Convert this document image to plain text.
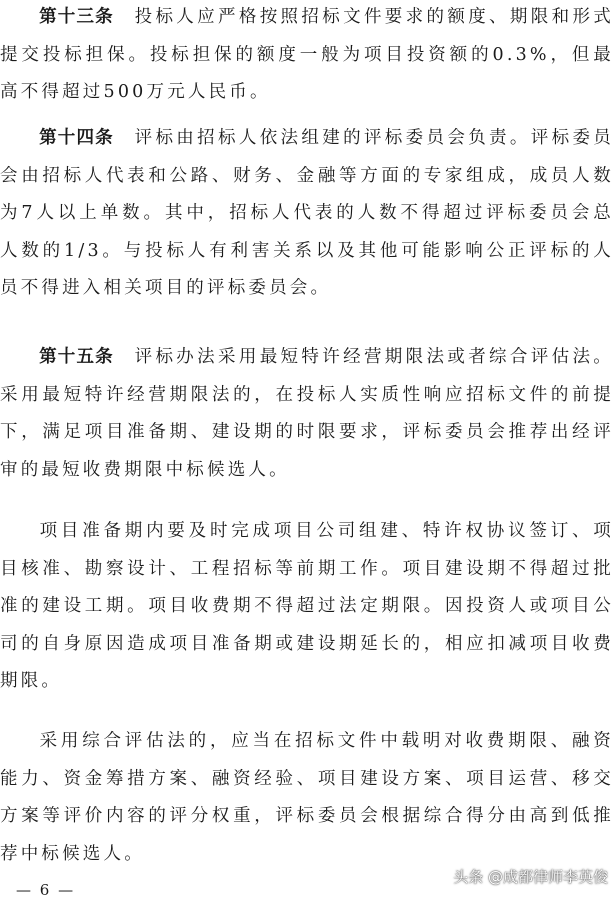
第十三条　 投标人应严格按照招标文件要求的额度、期限和形式提交投标担保。投标担保的额度一般为项目投资额的0.3%，但最高不得超过500万元人民币。

第十四条　 评标由招标人依法组建的评标委员会负责。评标委员会由招标人代表和公路、财务、金融等方面的专家组成，成员人数为7人以上单数。其中，招标人代表的人数不得超过评标委员会总人数的1/3。与投标人有利害关系以及其他可能影响公正评标的人员不得进入相关项目的评标委员会。

第十五条　 评标办法采用最短特许经营期限法或者综合评估法。采用最短特许经营期限法的，在投标人实质性响应招标文件的前提下，满足项目准备期、建设期的时限要求，评标委员会推荐出经评审的最短收费期限中标候选人。

项目准备期内要及时完成项目公司组建、特许权协议签订、项目核准、勘察设计、工程招标等前期工作。项目建设期不得超过批准的建设工期。项目收费期不得超过法定期限。因投资人或项目公司的自身原因造成项目准备期或建设期延长的，相应扣减项目收费期限。

采用综合评估法的，应当在招标文件中载明对收费期限、融资能力、资金筹措方案、融资经验、项目建设方案、项目运营、移交方案等评价内容的评分权重，评标委员会根据综合得分由高到低推荐中标候选人。

— 6 —
头条 @成都律师李英俊
